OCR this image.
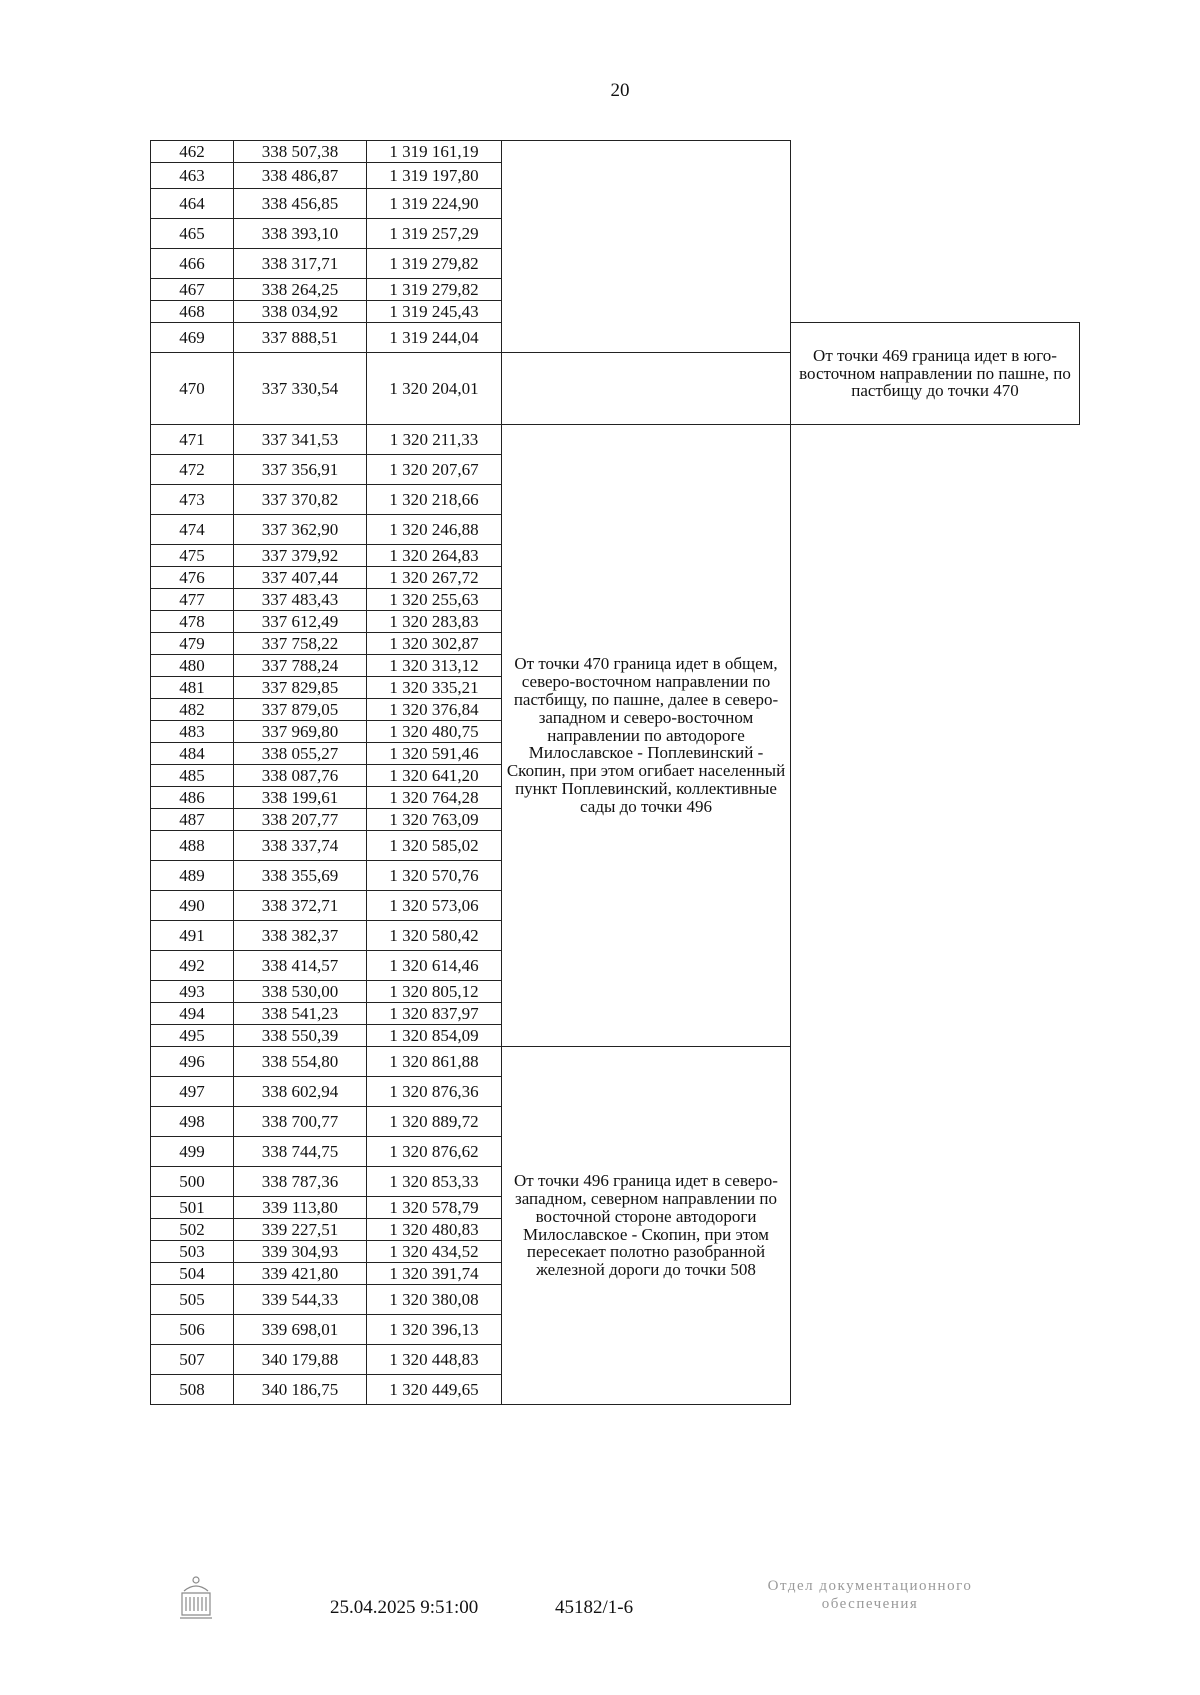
20
462	338 507,38	1 319 161,19		
463	338 486,87	1 319 197,80		
464	338 456,85	1 319 224,90		
465	338 393,10	1 319 257,29		
466	338 317,71	1 319 279,82		
467	338 264,25	1 319 279,82		
468	338 034,92	1 319 245,43		
469	337 888,51	1 319 244,04		От точки 469 граница идет в юго-восточном направлении по пашне, по пастбищу до точки 470
470	337 330,54	1 320 204,01		
471	337 341,53	1 320 211,33	От точки 470 граница идет в общем, северо-восточном направлении по пастбищу, по пашне, далее в северо-западном и северо-восточном направлении по автодороге Милославское - Поплевинский - Скопин, при этом огибает населенный пункт Поплевинский, коллективные сады до точки 496	
472	337 356,91	1 320 207,67		
473	337 370,82	1 320 218,66		
474	337 362,90	1 320 246,88		
475	337 379,92	1 320 264,83		
476	337 407,44	1 320 267,72		
477	337 483,43	1 320 255,63		
478	337 612,49	1 320 283,83		
479	337 758,22	1 320 302,87		
480	337 788,24	1 320 313,12		
481	337 829,85	1 320 335,21		
482	337 879,05	1 320 376,84		
483	337 969,80	1 320 480,75		
484	338 055,27	1 320 591,46		
485	338 087,76	1 320 641,20		
486	338 199,61	1 320 764,28		
487	338 207,77	1 320 763,09		
488	338 337,74	1 320 585,02		
489	338 355,69	1 320 570,76		
490	338 372,71	1 320 573,06		
491	338 382,37	1 320 580,42		
492	338 414,57	1 320 614,46		
493	338 530,00	1 320 805,12		
494	338 541,23	1 320 837,97		
495	338 550,39	1 320 854,09		
496	338 554,80	1 320 861,88	От точки 496 граница идет в северо-западном, северном направлении по восточной стороне автодороги Милославское - Скопин, при этом пересекает полотно разобранной железной дороги до точки 508	
497	338 602,94	1 320 876,36		
498	338 700,77	1 320 889,72		
499	338 744,75	1 320 876,62		
500	338 787,36	1 320 853,33		
501	339 113,80	1 320 578,79		
502	339 227,51	1 320 480,83		
503	339 304,93	1 320 434,52		
504	339 421,80	1 320 391,74		
505	339 544,33	1 320 380,08		
506	339 698,01	1 320 396,13		
507	340 179,88	1 320 448,83		
508	340 186,75	1 320 449,65		
25.04.2025 9:51:00	45182/1-6
Отдел документационного
обеспечения
